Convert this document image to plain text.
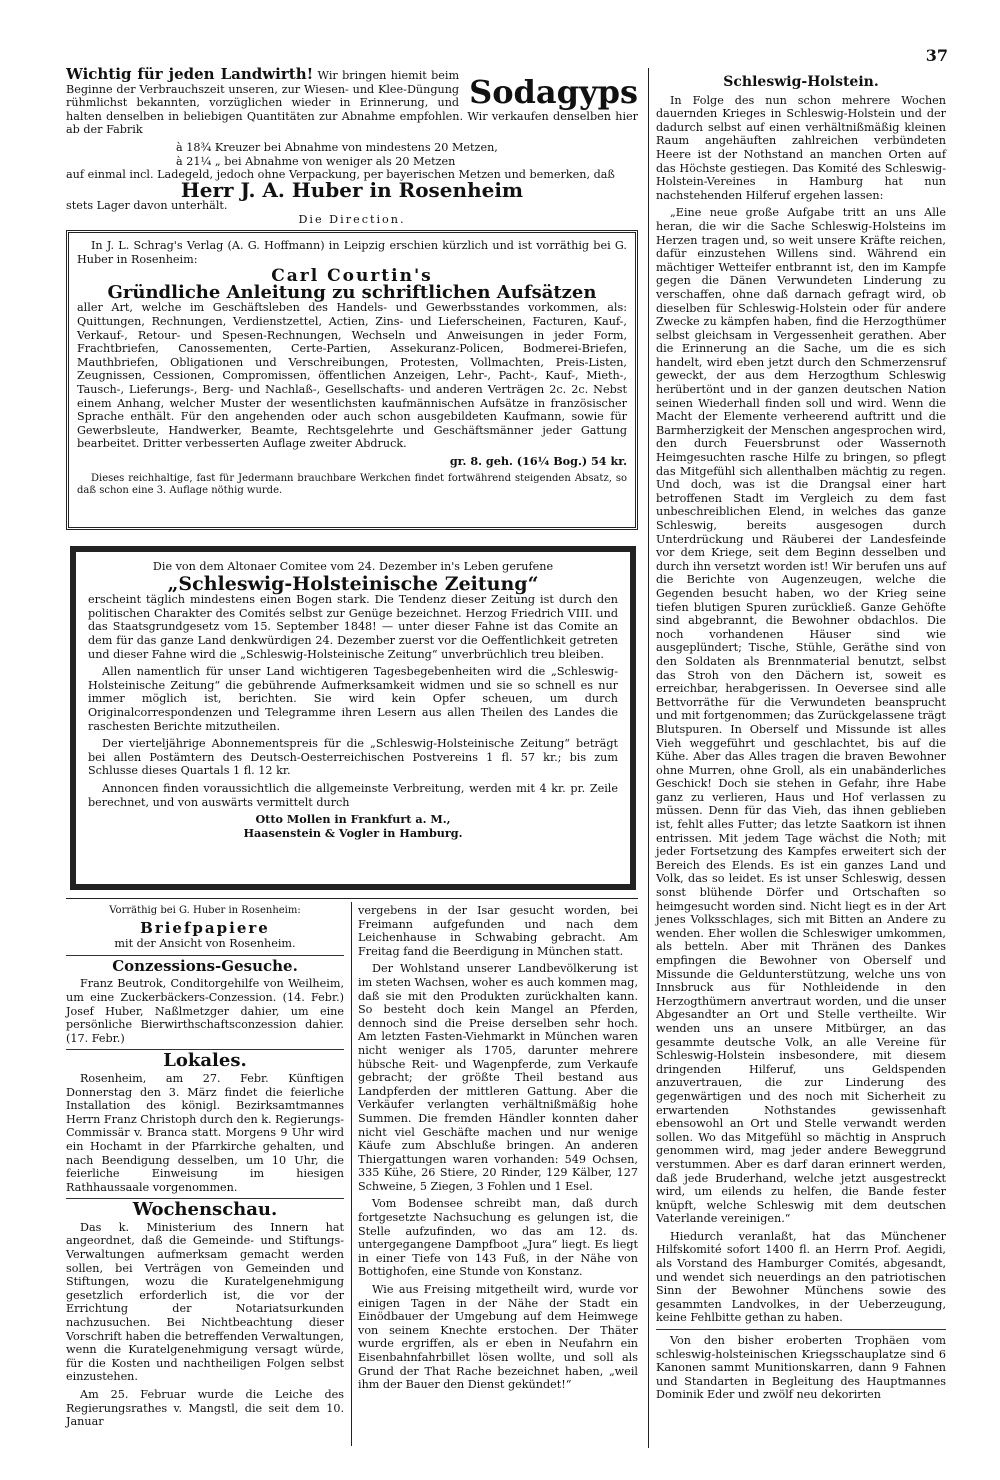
37
Sodagyps

Wichtig für jeden Landwirth! Wir bringen hiemit beim Beginne der Verbrauchszeit unseren, zur Wiesen- und Klee-Düngung rühmlichst bekannten, vorzüglichen wieder in Erinnerung, und halten denselben in beliebigen Quantitäten zur Abnahme empfohlen. Wir verkaufen denselben hier ab der Fabrik

à 18¾ Kreuzer bei Abnahme von mindestens 20 Metzen,

à 21¼ „ bei Abnahme von weniger als 20 Metzen

auf einmal incl. Ladegeld, jedoch ohne Verpackung, per bayerischen Metzen und bemerken, daß

Herr J. A. Huber in Rosenheim

stets Lager davon unterhält.

Die Direction.

In J. L. Schrag's Verlag (A. G. Hoffmann) in Leipzig erschien kürzlich und ist vorräthig bei G. Huber in Rosenheim:

Carl Courtin's
Gründliche Anleitung zu schriftlichen Aufsätzen

aller Art, welche im Geschäftsleben des Handels- und Gewerbsstandes vorkommen, als: Quittungen, Rechnungen, Verdienstzettel, Actien, Zins- und Lieferscheinen, Facturen, Kauf-, Verkauf-, Retour- und Spesen-Rechnungen, Wechseln und Anweisungen in jeder Form, Frachtbriefen, Canossementen, Certe-Partien, Assekuranz-Policen, Bodmerei-Briefen, Mauthbriefen, Obligationen und Verschreibungen, Protesten, Vollmachten, Preis-Listen, Zeugnissen, Cessionen, Compromissen, öffentlichen Anzeigen, Lehr-, Pacht-, Kauf-, Mieth-, Tausch-, Lieferungs-, Berg- und Nachlaß-, Gesellschafts- und anderen Verträgen 2c. 2c. Nebst einem Anhang, welcher Muster der wesentlichsten kaufmännischen Aufsätze in französischer Sprache enthält. Für den angehenden oder auch schon ausgebildeten Kaufmann, sowie für Gewerbsleute, Handwerker, Beamte, Rechtsgelehrte und Geschäftsmänner jeder Gattung bearbeitet. Dritter verbesserten Auflage zweiter Abdruck.

gr. 8. geh. (16¼ Bog.) 54 kr.

Dieses reichhaltige, fast für Jedermann brauchbare Werkchen findet fortwährend steigenden Absatz, so daß schon eine 3. Auflage nöthig wurde.

Die von dem Altonaer Comitee vom 24. Dezember in's Leben gerufene

„Schleswig-Holsteinische Zeitung“

erscheint täglich mindestens einen Bogen stark. Die Tendenz dieser Zeitung ist durch den politischen Charakter des Comités selbst zur Genüge bezeichnet. Herzog Friedrich VIII. und das Staatsgrundgesetz vom 15. September 1848! — unter dieser Fahne ist das Comite an dem für das ganze Land denkwürdigen 24. Dezember zuerst vor die Oeffentlichkeit getreten und dieser Fahne wird die „Schleswig-Holsteinische Zeitung“ unverbrüchlich treu bleiben.

Allen namentlich für unser Land wichtigeren Tagesbegebenheiten wird die „Schleswig-Holsteinische Zeitung“ die gebührende Aufmerksamkeit widmen und sie so schnell es nur immer möglich ist, berichten. Sie wird kein Opfer scheuen, um durch Originalcorrespondenzen und Telegramme ihren Lesern aus allen Theilen des Landes die raschesten Berichte mitzutheilen.

Der vierteljährige Abonnementspreis für die „Schleswig-Holsteinische Zeitung“ beträgt bei allen Postämtern des Deutsch-Oesterreichischen Postvereins 1 fl. 57 kr.; bis zum Schlusse dieses Quartals 1 fl. 12 kr.

Annoncen finden voraussichtlich die allgemeinste Verbreitung, werden mit 4 kr. pr. Zeile berechnet, und von auswärts vermittelt durch

Otto Mollen in Frankfurt a. M.,

Haasenstein & Vogler in Hamburg.

Vorräthig bei G. Huber in Rosenheim:

Briefpapiere

mit der Ansicht von Rosenheim.

Conzessions-Gesuche.

Franz Beutrok, Conditorgehilfe von Weilheim, um eine Zuckerbäckers-Conzession. (14. Febr.) Josef Huber, Naßlmetzger dahier, um eine persönliche Bierwirthschaftsconzession dahier. (17. Febr.)

Lokales.

Rosenheim, am 27. Febr. Künftigen Donnerstag den 3. März findet die feierliche Installation des königl. Bezirksamtmannes Herrn Franz Christoph durch den k. Regierungs-Commissär v. Branca statt. Morgens 9 Uhr wird ein Hochamt in der Pfarrkirche gehalten, und nach Beendigung desselben, um 10 Uhr, die feierliche Einweisung im hiesigen Rathhaussaale vorgenommen.

Wochenschau.

Das k. Ministerium des Innern hat angeordnet, daß die Gemeinde- und Stiftungs-Verwaltungen aufmerksam gemacht werden sollen, bei Verträgen von Gemeinden und Stiftungen, wozu die Kuratelgenehmigung gesetzlich erforderlich ist, die vor der Errichtung der Notariatsurkunden nachzusuchen. Bei Nichtbeachtung dieser Vorschrift haben die betreffenden Verwaltungen, wenn die Kuratelgenehmigung versagt würde, für die Kosten und nachtheiligen Folgen selbst einzustehen.

Am 25. Februar wurde die Leiche des Regierungsrathes v. Mangstl, die seit dem 10. Januar

vergebens in der Isar gesucht worden, bei Freimann aufgefunden und nach dem Leichenhause in Schwabing gebracht. Am Freitag fand die Beerdigung in München statt.

Der Wohlstand unserer Landbevölkerung ist im steten Wachsen, woher es auch kommen mag, daß sie mit den Produkten zurückhalten kann. So besteht doch kein Mangel an Pferden, dennoch sind die Preise derselben sehr hoch. Am letzten Fasten-Viehmarkt in München waren nicht weniger als 1705, darunter mehrere hübsche Reit- und Wagenpferde, zum Verkaufe gebracht; der größte Theil bestand aus Landpferden der mittleren Gattung. Aber die Verkäufer verlangten verhältnißmäßig hohe Summen. Die fremden Händler konnten daher nicht viel Geschäfte machen und nur wenige Käufe zum Abschluße bringen. An anderen Thiergattungen waren vorhanden: 549 Ochsen, 335 Kühe, 26 Stiere, 20 Rinder, 129 Kälber, 127 Schweine, 5 Ziegen, 3 Fohlen und 1 Esel.

Vom Bodensee schreibt man, daß durch fortgesetzte Nachsuchung es gelungen ist, die Stelle aufzufinden, wo das am 12. ds. untergegangene Dampfboot „Jura“ liegt. Es liegt in einer Tiefe von 143 Fuß, in der Nähe von Bottighofen, eine Stunde von Konstanz.

Wie aus Freising mitgetheilt wird, wurde vor einigen Tagen in der Nähe der Stadt ein Einödbauer der Umgebung auf dem Heimwege von seinem Knechte erstochen. Der Thäter wurde ergriffen, als er eben in Neufahrn ein Eisenbahnfahrbillet lösen wollte, und soll als Grund der That Rache bezeichnet haben, „weil ihm der Bauer den Dienst gekündet!“

Schleswig-Holstein.

In Folge des nun schon mehrere Wochen dauernden Krieges in Schleswig-Holstein und der dadurch selbst auf einen verhältnißmäßig kleinen Raum angehäuften zahlreichen verbündeten Heere ist der Nothstand an manchen Orten auf das Höchste gestiegen. Das Komité des Schleswig-Holstein-Vereines in Hamburg hat nun nachstehenden Hilferuf ergehen lassen:

„Eine neue große Aufgabe tritt an uns Alle heran, die wir die Sache Schleswig-Holsteins im Herzen tragen und, so weit unsere Kräfte reichen, dafür einzustehen Willens sind. Während ein mächtiger Wetteifer entbrannt ist, den im Kampfe gegen die Dänen Verwundeten Linderung zu verschaffen, ohne daß darnach gefragt wird, ob dieselben für Schleswig-Holstein oder für andere Zwecke zu kämpfen haben, find die Herzogthümer selbst gleichsam in Vergessenheit gerathen. Aber die Erinnerung an die Sache, um die es sich handelt, wird eben jetzt durch den Schmerzensruf geweckt, der aus dem Herzogthum Schleswig herübertönt und in der ganzen deutschen Nation seinen Wiederhall finden soll und wird. Wenn die Macht der Elemente verheerend auftritt und die Barmherzigkeit der Menschen angesprochen wird, den durch Feuersbrunst oder Wassernoth Heimgesuchten rasche Hilfe zu bringen, so pflegt das Mitgefühl sich allenthalben mächtig zu regen. Und doch, was ist die Drangsal einer hart betroffenen Stadt im Vergleich zu dem fast unbeschreiblichen Elend, in welches das ganze Schleswig, bereits ausgesogen durch Unterdrückung und Räuberei der Landesfeinde vor dem Kriege, seit dem Beginn desselben und durch ihn versetzt worden ist! Wir berufen uns auf die Berichte von Augenzeugen, welche die Gegenden besucht haben, wo der Krieg seine tiefen blutigen Spuren zurückließ. Ganze Gehöfte sind abgebrannt, die Bewohner obdachlos. Die noch vorhandenen Häuser sind wie ausgeplündert; Tische, Stühle, Geräthe sind von den Soldaten als Brennmaterial benutzt, selbst das Stroh von den Dächern ist, soweit es erreichbar, herabgerissen. In Oeversee sind alle Bettvorräthe für die Verwundeten beansprucht und mit fortgenommen; das Zurückgelassene trägt Blutspuren. In Oberself und Missunde ist alles Vieh weggeführt und geschlachtet, bis auf die Kühe. Aber das Alles tragen die braven Bewohner ohne Murren, ohne Groll, als ein unabänderliches Geschick! Doch sie stehen in Gefahr, ihre Habe ganz zu verlieren, Haus und Hof verlassen zu müssen. Denn für das Vieh, das ihnen geblieben ist, fehlt alles Futter; das letzte Saatkorn ist ihnen entrissen. Mit jedem Tage wächst die Noth; mit jeder Fortsetzung des Kampfes erweitert sich der Bereich des Elends. Es ist ein ganzes Land und Volk, das so leidet. Es ist unser Schleswig, dessen sonst blühende Dörfer und Ortschaften so heimgesucht worden sind. Nicht liegt es in der Art jenes Volksschlages, sich mit Bitten an Andere zu wenden. Eher wollen die Schleswiger umkommen, als betteln. Aber mit Thränen des Dankes empfingen die Bewohner von Oberself und Missunde die Geldunterstützung, welche uns von Innsbruck aus für Nothleidende in den Herzogthümern anvertraut worden, und die unser Abgesandter an Ort und Stelle vertheilte. Wir wenden uns an unsere Mitbürger, an das gesammte deutsche Volk, an alle Vereine für Schleswig-Holstein insbesondere, mit diesem dringenden Hilferuf, uns Geldspenden anzuvertrauen, die zur Linderung des gegenwärtigen und des noch mit Sicherheit zu erwartenden Nothstandes gewissenhaft ebensowohl an Ort und Stelle verwandt werden sollen. Wo das Mitgefühl so mächtig in Anspruch genommen wird, mag jeder andere Beweggrund verstummen. Aber es darf daran erinnert werden, daß jede Bruderhand, welche jetzt ausgestreckt wird, um eilends zu helfen, die Bande fester knüpft, welche Schleswig mit dem deutschen Vaterlande vereinigen.“

Hiedurch veranlaßt, hat das Münchener Hilfskomité sofort 1400 fl. an Herrn Prof. Aegidi, als Vorstand des Hamburger Comités, abgesandt, und wendet sich neuerdings an den patriotischen Sinn der Bewohner Münchens sowie des gesammten Landvolkes, in der Ueberzeugung, keine Fehlbitte gethan zu haben.

Von den bisher eroberten Trophäen vom schleswig-holsteinischen Kriegsschauplatze sind 6 Kanonen sammt Munitionskarren, dann 9 Fahnen und Standarten in Begleitung des Hauptmannes Dominik Eder und zwölf neu dekorirten
